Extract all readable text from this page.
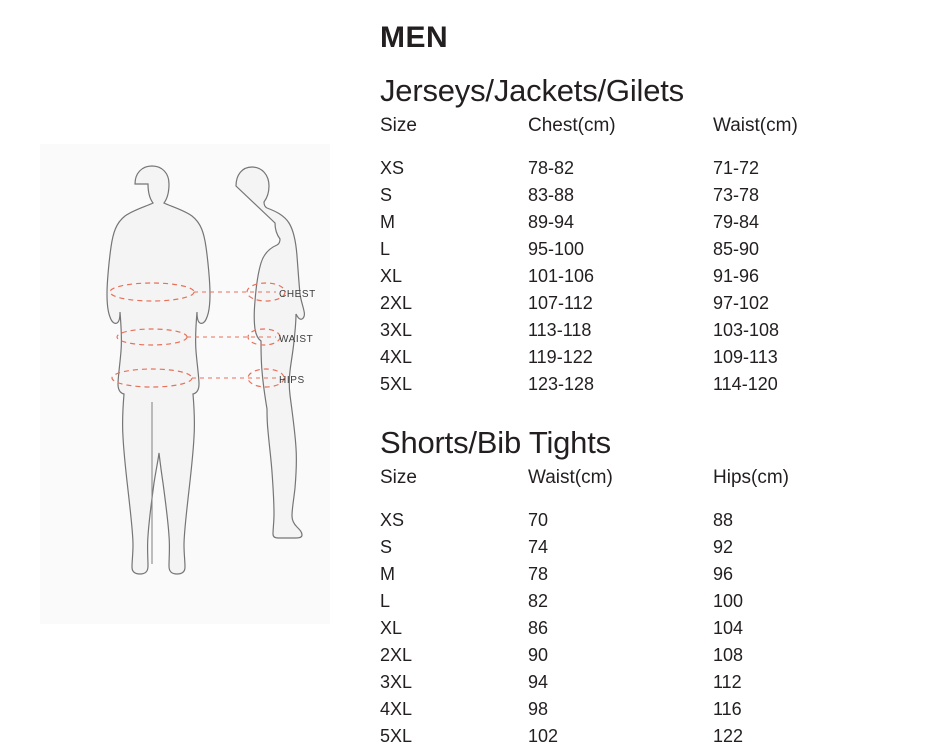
CHEST
WAIST
HIPS
MEN
Jerseys/Jackets/Gilets
Size	Chest(cm)	Waist(cm)
XS	78-82	71-72
S	83-88	73-78
M	89-94	79-84
L	95-100	85-90
XL	101-106	91-96
2XL	107-112	97-102
3XL	113-118	103-108
4XL	119-122	109-113
5XL	123-128	114-120
Shorts/Bib Tights
Size	Waist(cm)	Hips(cm)
XS	70	88
S	74	92
M	78	96
L	82	100
XL	86	104
2XL	90	108
3XL	94	112
4XL	98	116
5XL	102	122
